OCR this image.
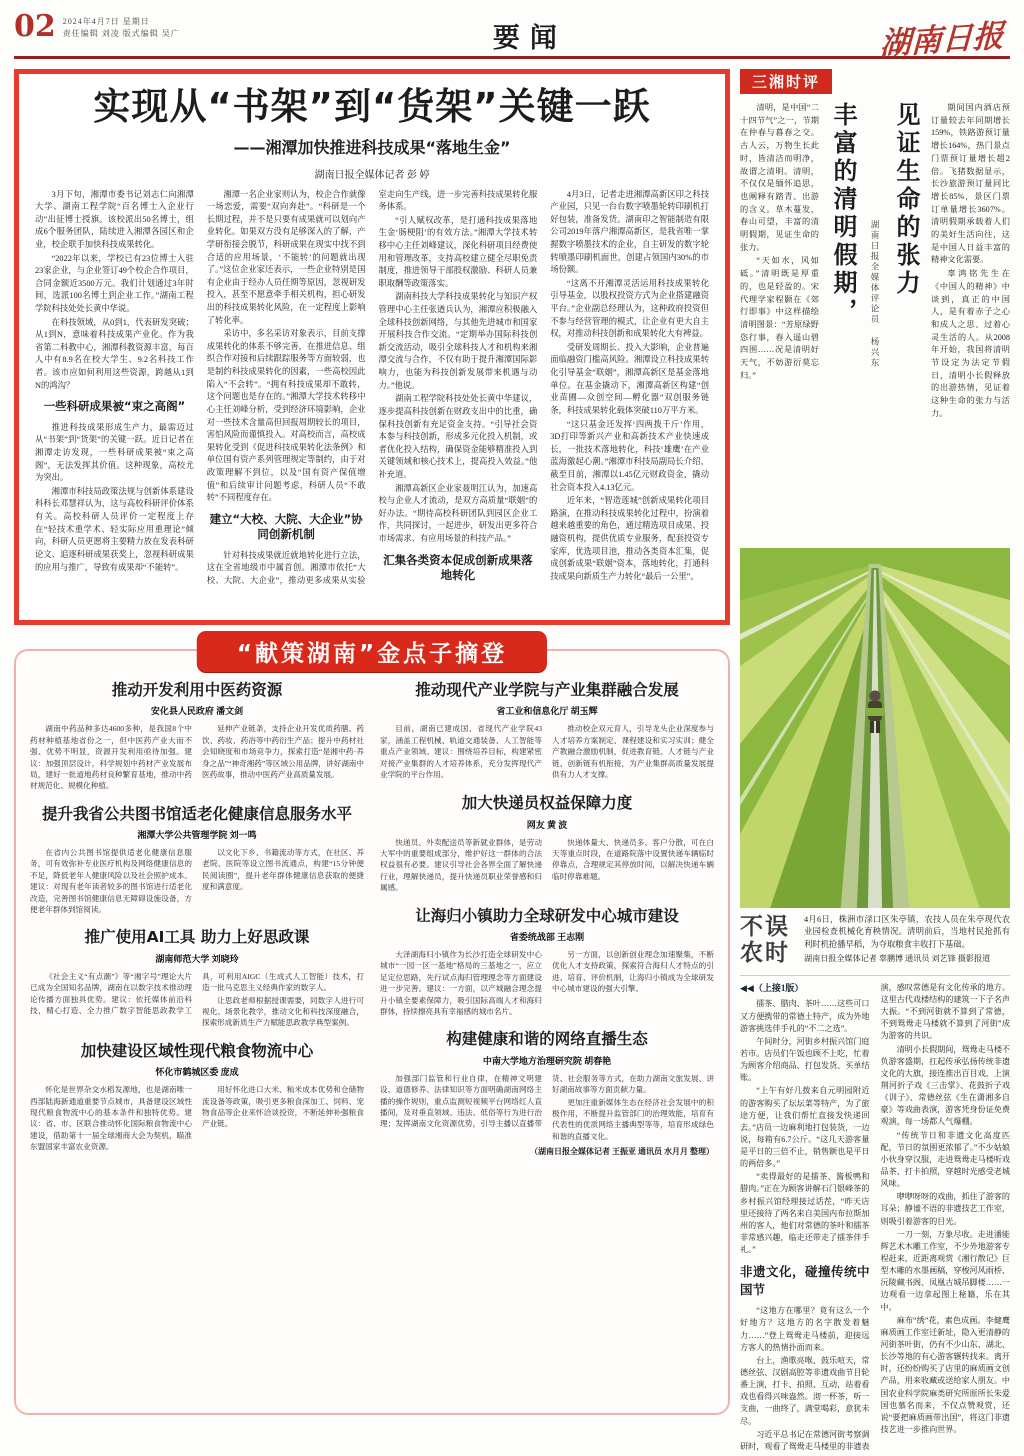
02 2024年4月7日 星期日
责任编辑 刘凌 版式编辑 吴广	要闻	湖南日报
实现从“书架”到“货架”关键一跃
——湘潭加快推进科技成果“落地生金”
湖南日报全媒体记者 彭 婷

3月下旬，湘潭市委书记刘志仁向湘潭大学、湖南工程学院“百名博士入企业行动”出征博士授旗。该校派出50名博士，组成6个服务团队，陆续进入湘潭各园区和企业，校企联手加快科技成果转化。

“2022年以来，学校已有23位博士入驻23家企业，与企业签订49个校企合作项目，合同金额近3500万元。我们计划通过3年时间，选派100名博士到企业工作。”湖南工程学院科技处处长黄中华说。

在科技领域，从0到1，代表研发突破；从1到N，意味着科技成果产业化。作为我省第二科教中心，湘潭科教资源丰富，每百人中有8.9名在校大学生、9.2名科技工作者。该市应如何利用这些资源，跨越从1到N的鸿沟？

一些科研成果被“束之高阁”

推进科技成果形成生产力，最需迈过从“书架”到“货架”的关键一跃。近日记者在湘潭走访发现，一些科研成果被“束之高阁”，无法发挥其价值。这种现象，高校尤为突出。

湘潭市科技局政策法规与创新体系建设科科长邓慧祥认为，这与高校科研评价体系有关。高校科研人员评价一定程度上存在“轻技术重学术、轻实际应用重理论”倾向，科研人员更愿将主要精力放在发表科研论文、追逐科研成果获奖上，忽视科研成果的应用与推广，导致有成果却“不能转”。

湘潭一名企业家则认为，校企合作就像一场恋爱，需要“双向奔赴”。“科研是一个长期过程，并不是只要有成果就可以划向产业转化。如果双方没有足够深入的了解，产学研衔接会脱节，科研成果在现实中找不到合适的应用场景，‘不能转’的问题就出现了。”这位企业家还表示，一些企业特别是国有企业由于经办人员任期等原因，忽视研发投入，甚至不愿意牵手相关机构，担心研发出的科技成果转化风险，在一定程度上影响了转化率。

采访中，多名采访对象表示，目前支撑成果转化的体系不够完善，在推进信息、组织合作对接和后续跟踪服务等方面较弱，也是制约科技成果转化的因素，一些高校因此陷入“不会转”。“拥有科技成果却不敢转，这个问题也是存在的。”湘潭大学技术转移中心主任刘峰分析，受到经济环境影响，企业对一些技术含量高但回报周期较长的项目，害怕风险而谨慎投入。对高校而言，高校成果转化受到《促进科技成果转化法条例》和单位国有资产系列管理规定等制约，由于对政策理解不到位，以及“国有资产保值增值”和后续审计问题考虑，科研人员“不敢转”不同程度存在。

建立“大校、大院、大企业”协同创新机制

针对科技成果就近就地转化进行立法，这在全省地级市中属首创。湘潭市依托“大校、大院、大企业”，推动更多成果从实验室走向生产线，进一步完善科技成果转化服务体系。

“引人赋权改革，是打通科技成果落地生金‘肠梗阻’的有效方法。”湘潭大学技术转移中心主任刘峰建议，深化科研项目经费使用和管理改革，支持高校建立健全尽职免责制度，推进领导干部股权激励、科研人员兼职取酬等政策落实。

湖南科技大学科技成果转化与知识产权管理中心主任张遒兵认为，湘潭应积极融入全球科技创新网络，与其他先进城市和国家开展科技合作交流。“定期举办国际科技创新交流活动，吸引全球科技人才和机构来湘潭交流与合作，不仅有助于提升湘潭国际影响力，也能为科技创新发展带来机遇与动力。”他说。

湖南工程学院科技处处长黄中华建议，逐步提高科技创新在财政支出中的比重，确保科技创新有充足资金支持。“引导社会资本参与科技创新，形成多元化投入机制，或者优化投入结构，确保资金能够精准投入到关键领域和核心技术上，提高投入效益。”他补充道。

湘潭高新区企业家聂明江认为，加速高校与企业人才流动，是双方高质量“联姻”的好办法。“期待高校科研团队到园区企业工作，共同探讨，一起进步，研发出更多符合市场需求、有应用场景的科技产品。”

汇集各类资本促成创新成果落地转化

4月3日，记者走进湘潭高新区印之科技产业园，只见一台台数字喷墨轮转印刷机打好包装，准备发货。湖南印之智能制造有限公司2019年落户湘潭高新区，是我省唯一掌握数字喷墨技术的企业，自主研发的数字轮转喷墨印刷机面世，创建占领国内30%的市场份额。

“这离不开湘潭灵活运用科技成果转化引导基金，以股权投资方式为企业搭建融资平台。”企业副总经理认为，这种政府投资但不参与经营管理的模式，让企业有更大自主权，对推动科技创新和成果转化大有裨益。

受研发周期长、投入大影响，企业普遍面临融资门槛高风险。湘潭设立科技成果转化引导基金“联姻”，湘潭高新区是基金落地单位。在基金撬动下，湘潭高新区构建“创业苗圃—众创空间—孵化器”双创服务链条，科技成果转化载体突破110万平方米。

“这只基金还发挥‘四两拨千斤’作用，3D打印等新兴产业和高新技术产业快速成长，一批技术落地转化，科技‘雄鹰’在产业蓝海激起心潮。”湘潭市科技局副局长介绍，截至目前，湘潭以1.45亿元财政资金，撬动社会资本投入4.13亿元。

近年来，“智造莲城”创新成果转化项目路演，在推动科技成果转化过程中，扮演着越来越重要的角色，通过精选项目成果、投融资机构，提供优质专业服务，配套投资专家库，优选项目池，推动各类资本汇集，促成创新成果“联姻”资本，落地转化，打通科技成果向新质生产力转化“最后一公里”。

“献策湖南”金点子摘登
推动开发利用中医药资源
安化县人民政府 潘文剑

湖南中药品种多达4600多种，是我国8个中药材种植基地省份之一，但中医药产业大而不强、优势不明显，资源开发利用亟待加强。建议：加强顶层设计，科学规划中药材产业发展布局，建好一批道地药材良种繁育基地，推动中药材规范化、规模化种植。

延伸产业链条，支持企业开发优质药膳、药饮、药妆、药浴等中药衍生产品；提升中药材社会知晓度和市场竞争力，探索打造“是湘中药·养身之品”“神奇湘药”等区域公用品牌，讲好湖南中医药故事，推动中医药产业高质量发展。

提升我省公共图书馆适老化健康信息服务水平
湘潭大学公共管理学院 刘一鸣

在省内公共图书馆提供适老化健康信息服务，可有效弥补专业医疗机构及网络健康信息的不足，降低老年人健康风险以及社会照护成本。建议：对现有老年读者较多的图书馆进行适老化改造，完善图书馆健康信息无障碍设施设备，方便老年群体到馆阅读。

以文化下乡、书籍流动等方式，在社区、养老院、医院等设立图书流通点，构建“15分钟便民阅读圈”，提升老年群体健康信息获取的便捷度和满意度。

推广使用AI工具 助力上好思政课
湖南师范大学 刘晓玲

《社会主义“有点潮”》等“湘字号”理论大片已成为全国知名品牌，湖南在以数字技术推动理论传播方面独具优势。建议：依托媒体前沿科技，精心打造、全力推广数字智能思政教学工具，可利用AIGC（生成式人工智能）技术，打造一批马克思主义经典作家的数字人。

让思政老师根据授课需要，同数字人进行可视化、场景化教学，推动文化和科技深度融合，探索形成新质生产力赋能思政教学典型案例。

加快建设区域性现代粮食物流中心
怀化市鹤城区委 庞成

怀化是世界杂交水稻发源地，也是湖南唯一西部陆海新通道重要节点城市，具备建设区域性现代粮食物流中心的基本条件和独特优势。建议：省、市、区联合推动怀化国际粮食物流中心建设，借助第十一届全球湘商大会为契机，瞄准东盟国家丰富农业资源。

用好怀化进口大米、籼米成本优势和仓储物流设备等政策，吸引更多粮食深加工、饲料、宠物食品等企业来怀洽谈投资，不断延伸补强粮食产业链。

推动现代产业学院与产业集群融合发展
省工业和信息化厅 胡玉辉

目前，湖南已建成国、省现代产业学院43家，涵盖工程机械、轨道交通装备、人工智能等重点产业领域。建议：围绕培养目标，构建紧密对接产业集群的人才培养体系，充分发挥现代产业学院的平台作用。

推动校企双元育人，引导龙头企业深度参与人才培养方案制定、课程建设和实习实训；健全产教融合激励机制，促进教育链、人才链与产业链、创新链有机衔接，为产业集群高质量发展提供有力人才支撑。

加大快递员权益保障力度
网友 黄 波

快递员、外卖配送员等新就业群体，是劳动大军中的重要组成部分，维护好这一群体的合法权益很有必要。建议引导社会各界全面了解快递行业，理解快递员，提升快递员职业荣誉感和归属感。

快递体量大、快递员多、客户分散，可在白天等重点时段，在道路院落中设置快递车辆临时停靠点，合理规定其停放时间，以解决快递车辆临时停靠难题。

让海归小镇助力全球研发中心城市建设
省委统战部 王志刚

大泽湖海归小镇作为长沙打造全球研发中心城市“一园一区一基地”格局的三基地之一，应立足定位思路，先行试点海归管理理念等方面建设进一步完善。建议：一方面，以产城融合理念提升小镇全要素保障力，吸引国际高端人才和海归群体，持续擦亮具有幸福感的城市名片。

另一方面，以创新创业理念加速聚集，不断优化人才支持政策，探索符合海归人才特点的引进、培育、评价机制，让海归小镇成为全球研发中心城市建设的强大引擎。

构建健康和谐的网络直播生态
中南大学地方治理研究院 胡春艳

加强部门监管和行业自律，在精神文明建设、道德修养、法律知识等方面明确湖南网络主播的操作规则，重点监测短视频平台网络红人直播间，及对垂直领域、违法、低俗等行为进行治理；发挥湖南文化资源优势，引导主播以直播带货、社会服务等方式，在助力湖南文旅发展、讲好湖南故事等方面贡献力量。

更加注重新媒体生态在经济社会发展中的积极作用，不断提升监管部门的治理效能，培育有代表性的优质网络主播典型等等，培育形成绿色和谐的直播文化。

（湖南日报全媒体记者 王振亚 通讯员 水月月 整理）
三湘时评

清明，是中国“二十四节气”之一，节期在仲春与暮春之交。古人云，万物生长此时，皆清洁而明净，故谓之清明。清明，不仅仅是缅怀追思，也阐释有踏青、出游的含义。草木蔓发，春山可望，丰富的清明假期，见证生命的张力。

“天如水，风如砥。”清明既是厚重的，也是轻盈的。宋代理学家程颢在《郊行即事》中这样描绘清明图景：“芳原绿野恣行事，春入遥山碧四围……况是清明好天气，不妨游衍莫忘归。”

丰富的清明假期，	湖南日报全媒体评论员 杨兴东 见证生命的张力	期间国内酒店预订量较去年同期增长159%，铁路游预订量增长164%，热门景点门票预订量增长超2倍。飞猪数据显示，长沙旅游预订量同比增长85%，景区门票订单量增长3607%。清明假期承载着人们的美好生活向往，这是中国人日益丰富的精神文化需要。

辜鸿铭先生在《中国人的精神》中谈到，真正的中国人，是有着赤子之心和成人之思、过着心灵生活的人。从2008年开始，我国将清明节设定为法定节假日，清明小长假释放的出游热情，见证着这种生命的张力与活力。

不误
农时
4月6日，株洲市渌口区朱亭镇，农技人员在朱亭现代农业园检查机械化育秧情况。清明前后，当地村民抢抓有利时机抢播早稻，为夺取粮食丰收打下基础。
湖南日报全媒体记者 辜鹏博 通讯员 刘艺锋 摄影报道

◀◀（上接1版）

擂茶、腊肉、茶叶……这些可口又方便携带的常德土特产，成为外地游客挑选伴手礼的“不二之选”。

午间时分，河街乡村振兴馆门庭若市。店员们午饭也顾不上吃，忙着为顾客介绍商品、打包发货、买单结账。

“上午有好几拨来自元明园附近的游客购买了坛坛菜等特产，为了旅途方便，让我们帮忙直接发快递回去。”店员一边麻利地打包装货，一边说，每箱有6.7公斤。“这几天游客量是平日的三倍不止，销售额也是平日的两倍多。”

“卖得最好的是擂茶、酱板鸭和腊肉。”正在为顾客讲解石门银峰茶的乡村振兴馆经理接过话茬，“昨天店里还接待了两名来自美国内布拉斯加州的客人，他们对常德的茶叶和擂茶非常感兴趣，临走还带走了擂茶伴手礼。”

非遗文化，碰撞传统中国节

“这地方在哪里？竟有这么一个好地方？这地方的名字散发着魅力……”登上鸳鸯走马楼前，迎接远方客人的热情扑面而来。

台上，渔歌亮喉、鼓乐喧天，常德丝弦、汉剧高腔等非遗戏曲节目轮番上演，打卡、拍照、互动，站着看戏也看得兴味盎然。沏一杯茶，听一支曲，一曲终了，满堂喝彩，意犹未尽。

习近平总书记在常德河街考察调研时，观看了鸳鸯走马楼里的非遗表演，感叹常德是有文化传承的地方。这里古代戏楼结构的建筑一下子名声大振。“不到河街就不算到了常德，不到鸳鸯走马楼就不算到了河街”成为游客的共识。

清明小长假期间，鸳鸯走马楼不负游客盛期，扛起传承弘扬传统非遗文化的大旗，接连推出百目戏，上演荆河折子戏《三击掌》、花鼓折子戏《训子》、常德丝弦《生在潇湘多自豪》等戏曲表演，游客凭身份证免费观演，每一场都人气爆棚。

“传统节日和非遗文化高度匹配，节日的氛围更浓郁了。”不少姑娘小伙身穿汉服，走进鸳鸯走马楼听戏品茶、打卡拍照，穿越时光感受老城风味。

咿咿呀呀的戏曲，抓住了游客的耳朵；静谧不语的非遗技艺工作室，则吸引着游客的目光。

一刀一刻，万象尽收。走进潘能辉艺术木雕工作室，不少外地游客专程赶来，近距离观赏《湘行散记》巨型木雕的水墨画稿，穿梭河风雨桥、沅陵藏书阁、凤凰古城吊脚楼……一边观看一边拿起图上秘籍，乐在其中。

麻布“绣”花，素色成画。李健鹰麻质画工作室迁新址，隐入更清静的河街茶叶街，仍有不少山东、湖北、长沙等地的有心游客辗转找来。离开时，还纷纷购买了店里的麻质画文创产品，用来收藏或送给家人朋友。中国农业科学院麻类研究所原所长朱爱国也慕名而来，不仅点赞观赏，还说“要把麻质画带出国”，将这门非遗技艺进一步推向世界。
